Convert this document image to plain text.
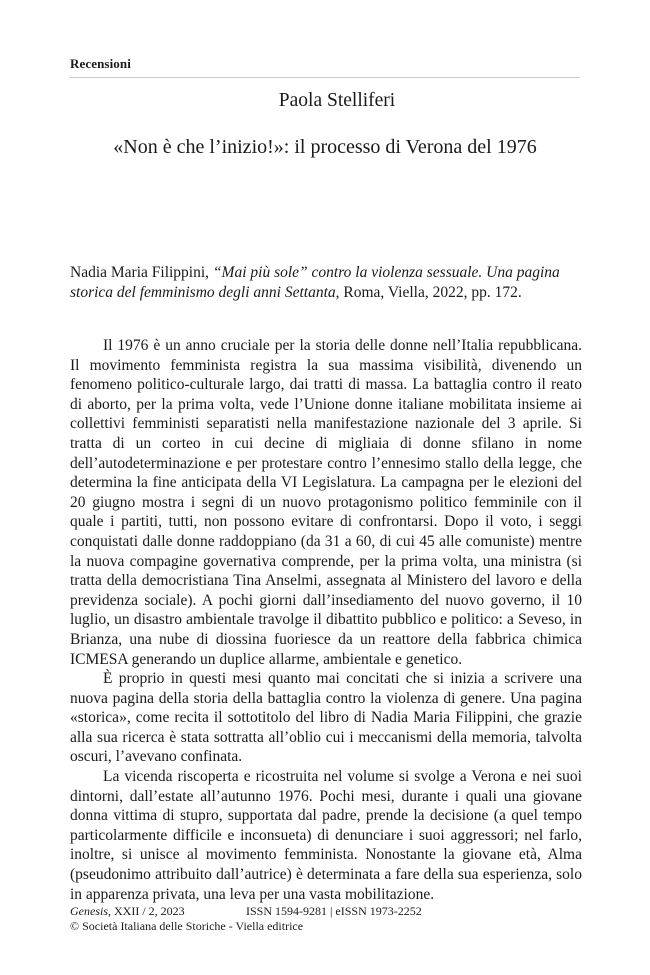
Recensioni
Paola Stelliferi
«Non è che l’inizio!»: il processo di Verona del 1976
Nadia Maria Filippini, “Mai più sole” contro la violenza sessuale. Una pagina storica del femminismo degli anni Settanta, Roma, Viella, 2022, pp. 172.

Il 1976 è un anno cruciale per la storia delle donne nell’Italia repubblicana. Il movimento femminista registra la sua massima visibilità, divenendo un fenomeno politico-culturale largo, dai tratti di massa. La battaglia contro il reato di aborto, per la prima volta, vede l’Unione donne italiane mobilitata insieme ai collettivi femministi separatisti nella manifestazione nazionale del 3 aprile. Si tratta di un corteo in cui decine di migliaia di donne sfilano in nome dell’autodeterminazione e per protestare contro l’ennesimo stallo della legge, che determina la fine anticipata della VI Legislatura. La campagna per le elezioni del 20 giugno mostra i segni di un nuovo protagonismo politico femminile con il quale i partiti, tutti, non possono evitare di confrontarsi. Dopo il voto, i seggi conquistati dalle donne raddoppiano (da 31 a 60, di cui 45 alle comuniste) mentre la nuova compagine governativa comprende, per la prima volta, una ministra (si tratta della democristiana Tina Anselmi, assegnata al Ministero del lavoro e della previdenza sociale). A pochi giorni dall’insediamento del nuovo governo, il 10 luglio, un disastro ambientale travolge il dibattito pubblico e politico: a Seveso, in Brianza, una nube di diossina fuoriesce da un reattore della fabbrica chimica ICMESA generando un duplice allarme, ambientale e genetico.

È proprio in questi mesi quanto mai concitati che si inizia a scrivere una nuova pagina della storia della battaglia contro la violenza di genere. Una pagina «storica», come recita il sottotitolo del libro di Nadia Maria Filippini, che grazie alla sua ricerca è stata sottratta all’oblio cui i meccanismi della memoria, talvolta oscuri, l’avevano confinata.

La vicenda riscoperta e ricostruita nel volume si svolge a Verona e nei suoi dintorni, dall’estate all’autunno 1976. Pochi mesi, durante i quali una giovane donna vittima di stupro, supportata dal padre, prende la decisione (a quel tempo particolarmente difficile e inconsueta) di denunciare i suoi aggressori; nel farlo, inoltre, si unisce al movimento femminista. Nonostante la giovane età, Alma (pseudonimo attribuito dall’autrice) è determinata a fare della sua esperienza, solo in apparenza privata, una leva per una vasta mobilitazione.

Genesis, XXII / 2, 2023	ISSN 1594-9281 | eISSN 1973-2252
© Società Italiana delle Storiche - Viella editrice
